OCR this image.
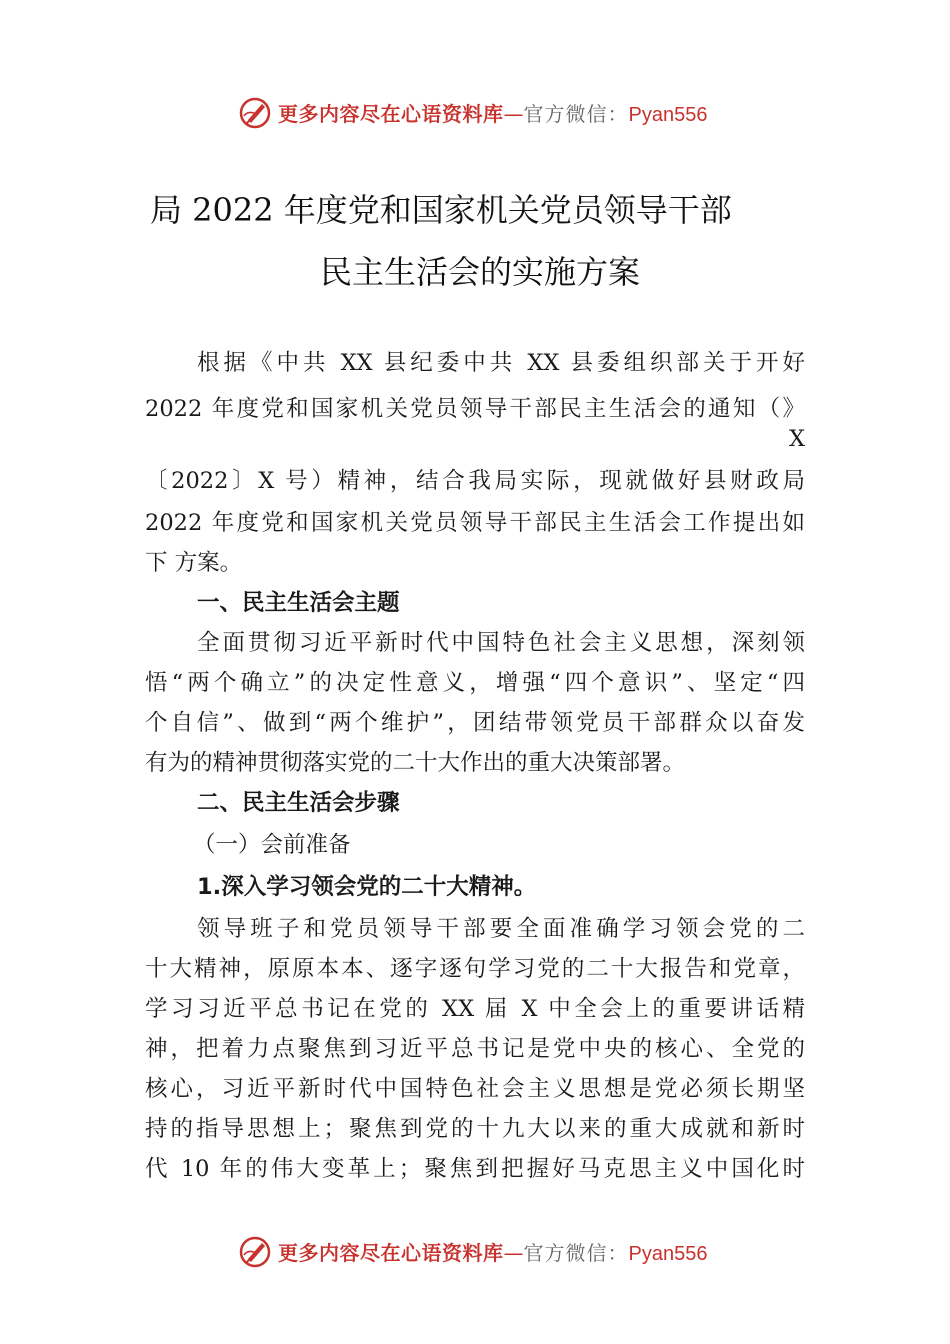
更多内容尽在心语资料库—官方微信：Pyan556
局 2022 年度党和国家机关党员领导干部
民主生活会的实施方案
根据《中共 XX 县纪委中共 XX 县委组织部关于开好
2022 年度党和国家机关党员领导干部民主生活会的通知（》
X
〔2022〕X 号）精神，结合我局实际，现就做好县财政局
2022 年度党和国家机关党员领导干部民主生活会工作提出如
下 方案。
一、民主生活会主题
全面贯彻习近平新时代中国特色社会主义思想，深刻领
悟“两个确立”的决定性意义，增强“四个意识”、坚定“四
个自信”、做到“两个维护”，团结带领党员干部群众以奋发
有为的精神贯彻落实党的二十大作出的重大决策部署。
二、民主生活会步骤
（一）会前准备
1.深入学习领会党的二十大精神。
领导班子和党员领导干部要全面准确学习领会党的二
十大精神，原原本本、逐字逐句学习党的二十大报告和党章，
学习习近平总书记在党的 XX 届 X 中全会上的重要讲话精
神，把着力点聚焦到习近平总书记是党中央的核心、全党的
核心，习近平新时代中国特色社会主义思想是党必须长期坚
持的指导思想上；聚焦到党的十九大以来的重大成就和新时
代 10 年的伟大变革上；聚焦到把握好马克思主义中国化时
更多内容尽在心语资料库—官方微信：Pyan556
